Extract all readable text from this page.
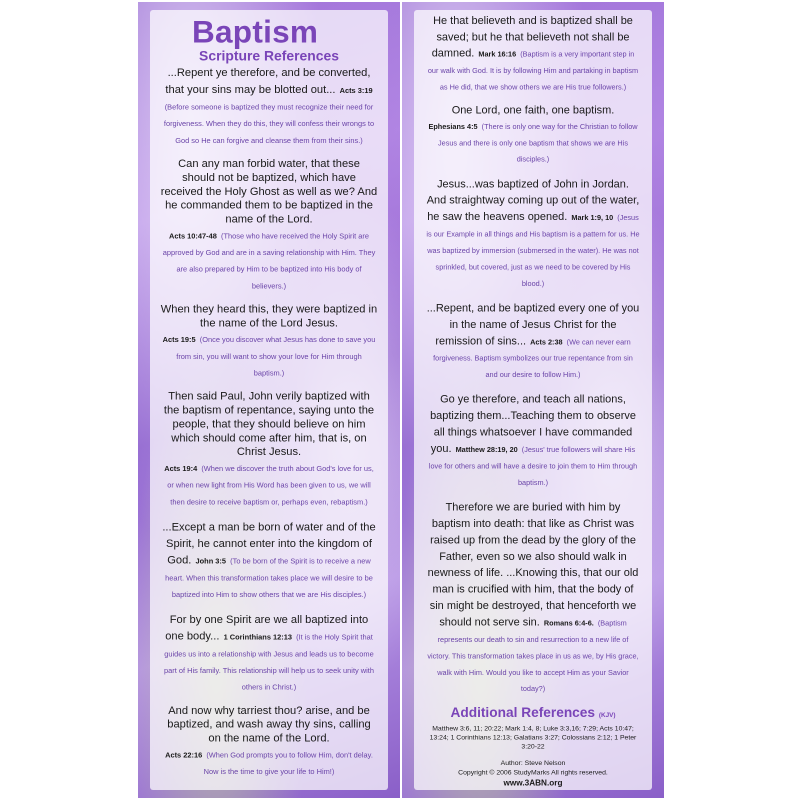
Baptism
Scripture References
...Repent ye therefore, and be converted, that your sins may be blotted out... Acts 3:19 (Before someone is baptized they must recognize their need for forgiveness. When they do this, they will confess their wrongs to God so He can forgive and cleanse them from their sins.)
Can any man forbid water, that these should not be baptized, which have received the Holy Ghost as well as we? And he commanded them to be baptized in the name of the Lord.
Acts 10:47-48 (Those who have received the Holy Spirit are approved by God and are in a saving relationship with Him. They are also prepared by Him to be baptized into His body of believers.)
When they heard this, they were baptized in the name of the Lord Jesus.
Acts 19:5 (Once you discover what Jesus has done to save you from sin, you will want to show your love for Him through baptism.)
Then said Paul, John verily baptized with the baptism of repentance, saying unto the people, that they should believe on him which should come after him, that is, on Christ Jesus.
Acts 19:4 (When we discover the truth about God's love for us, or when new light from His Word has been given to us, we will then desire to receive baptism or, perhaps even, rebaptism.)
...Except a man be born of water and of the Spirit, he cannot enter into the kingdom of God. John 3:5 (To be born of the Spirit is to receive a new heart. When this transformation takes place we will desire to be baptized into Him to show others that we are His disciples.)
For by one Spirit are we all baptized into one body... 1 Corinthians 12:13 (It is the Holy Spirit that guides us into a relationship with Jesus and leads us to become part of His family. This relationship will help us to seek unity with others in Christ.)
And now why tarriest thou? arise, and be baptized, and wash away thy sins, calling on the name of the Lord.
Acts 22:16 (When God prompts you to follow Him, don't delay. Now is the time to give your life to Him!)
He that believeth and is baptized shall be saved; but he that believeth not shall be damned. Mark 16:16 (Baptism is a very important step in our walk with God. It is by following Him and partaking in baptism as He did, that we show others we are His true followers.)
One Lord, one faith, one baptism.
Ephesians 4:5 (There is only one way for the Christian to follow Jesus and there is only one baptism that shows we are His disciples.)
Jesus...was baptized of John in Jordan. And straightway coming up out of the water, he saw the heavens opened. Mark 1:9, 10 (Jesus is our Example in all things and His baptism is a pattern for us. He was baptized by immersion (submersed in the water). He was not sprinkled, but covered, just as we need to be covered by His blood.)
...Repent, and be baptized every one of you in the name of Jesus Christ for the remission of sins... Acts 2:38 (We can never earn forgiveness. Baptism symbolizes our true repentance from sin and our desire to follow Him.)
Go ye therefore, and teach all nations, baptizing them...Teaching them to observe all things whatsoever I have commanded you. Matthew 28:19, 20 (Jesus' true followers will share His love for others and will have a desire to join them to Him through baptism.)
Therefore we are buried with him by baptism into death: that like as Christ was raised up from the dead by the glory of the Father, even so we also should walk in newness of life. ...Knowing this, that our old man is crucified with him, that the body of sin might be destroyed, that henceforth we should not serve sin. Romans 6:4-6. (Baptism represents our death to sin and resurrection to a new life of victory. This transformation takes place in us as we, by His grace, walk with Him. Would you like to accept Him as your Savior today?)
Additional References (KJV)
Matthew 3:6, 11; 20:22; Mark 1:4, 8; Luke 3:3,16; 7:29; Acts 10:47; 13:24; 1 Corinthians 12:13; Galatians 3:27; Colossians 2:12; 1 Peter 3:20-22
Author: Steve Nelson
Copyright © 2006 StudyMarks All rights reserved.
www.3ABN.org
